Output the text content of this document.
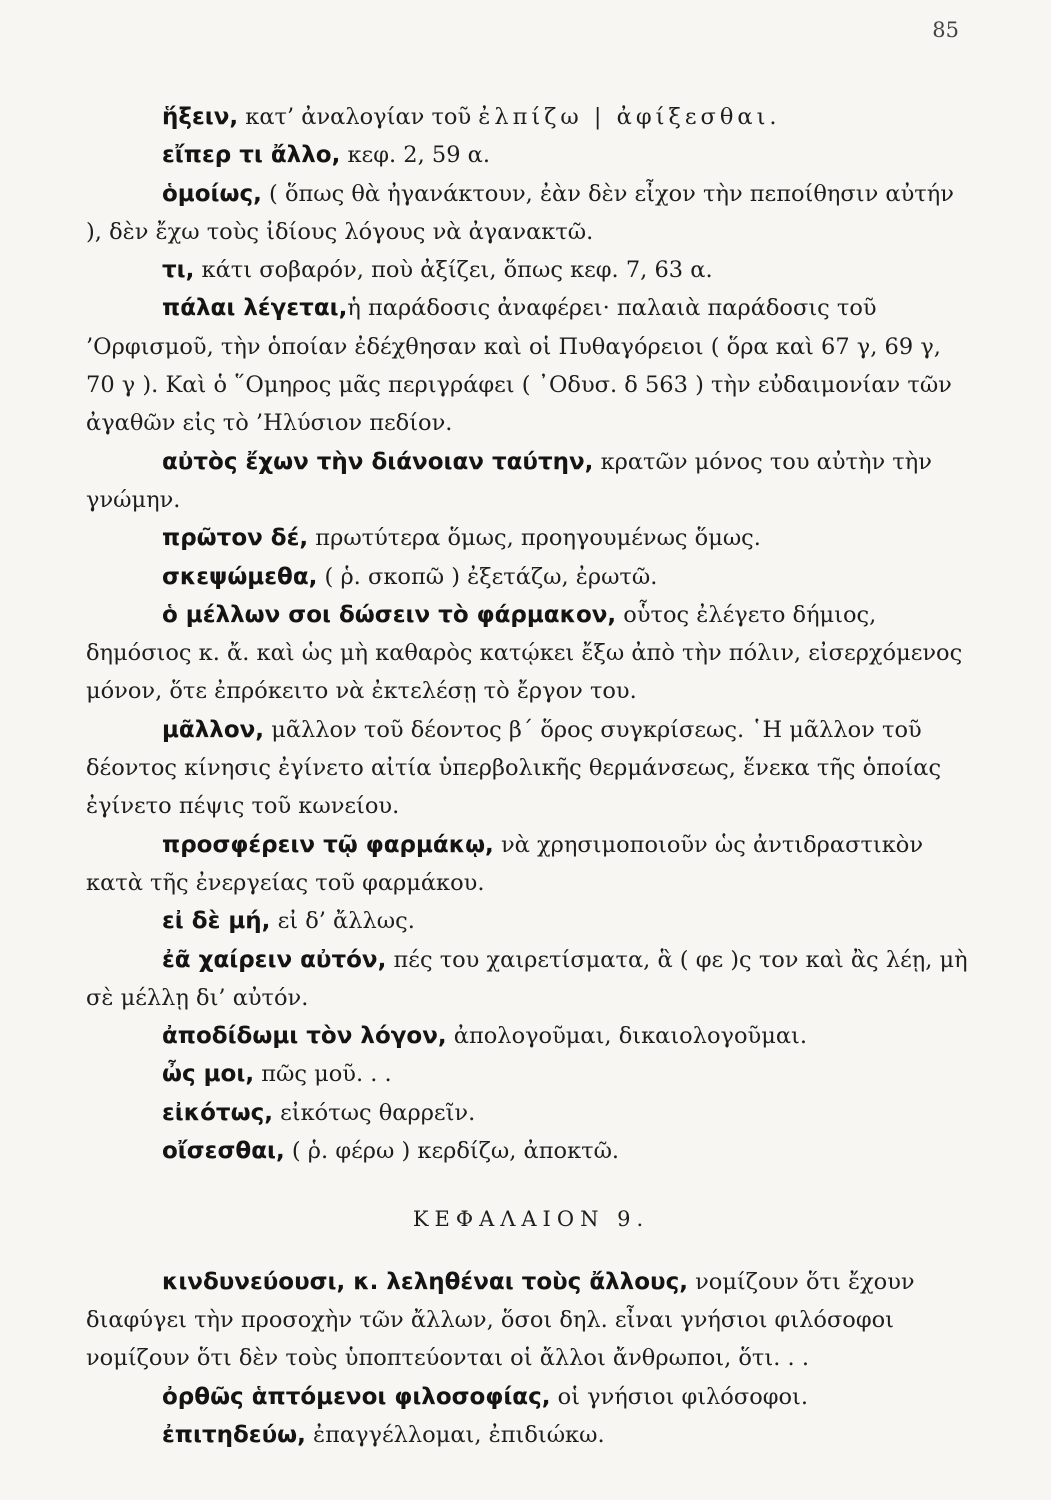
85

ἥξειν, κατ’ ἀναλογίαν τοῦ ἐλπίζω | ἀφίξεσθαι.

εἴπερ τι ἄλλο, κεφ. 2, 59 α.

ὁμοίως, ( ὅπως θὰ ἠγανάκτουν, ἐὰν δὲν εἶχον τὴν πεποίθησιν αὐτήν ), δὲν ἔχω τοὺς ἰδίους λόγους νὰ ἀγανακτῶ.

τι, κάτι σοβαρόν, ποὺ ἀξίζει, ὅπως κεφ. 7, 63 α.

πάλαι λέγεται,ἡ παράδοσις ἀναφέρει· παλαιὰ παράδοσις τοῦ ’Ορφισμοῦ, τὴν ὁποίαν ἐδέχθησαν καὶ οἱ Πυθαγόρειοι ( ὅρα καὶ 67 γ, 69 γ, 70 γ ). Καὶ ὁ ῞Ομηρος μᾶς περιγράφει ( ᾿Οδυσ. δ 563 ) τὴν εὐδαιμονίαν τῶν ἀγαθῶν εἰς τὸ ’Ηλύσιον πεδίον.

αὐτὸς ἔχων τὴν διάνοιαν ταύτην, κρατῶν μόνος του αὐτὴν τὴν γνώμην.

πρῶτον δέ, πρωτύτερα ὅμως, προηγουμένως ὅμως.

σκεψώμεθα, ( ῥ. σκοπῶ ) ἐξετάζω, ἐρωτῶ.

ὁ μέλλων σοι δώσειν τὸ φάρμακον, οὗτος ἐλέγετο δήμιος, δημόσιος κ. ἄ. καὶ ὡς μὴ καθαρὸς κατῴκει ἔξω ἀπὸ τὴν πόλιν, εἰσερχόμενος μόνον, ὅτε ἐπρόκειτο νὰ ἐκτελέσῃ τὸ ἔργον του.

μᾶλλον, μᾶλλον τοῦ δέοντος β΄ ὅρος συγκρίσεως. ῾Η μᾶλλον τοῦ δέοντος κίνησις ἐγίνετο αἰτία ὑπερβολικῆς θερμάνσεως, ἕνεκα τῆς ὁποίας ἐγίνετο πέψις τοῦ κωνείου.

προσφέρειν τῷ φαρμάκῳ, νὰ χρησιμοποιοῦν ὡς ἀντιδραστικὸν κατὰ τῆς ἐνεργείας τοῦ φαρμάκου.

εἰ δὲ μή, εἰ δ’ ἄλλως.

ἐᾶ χαίρειν αὐτόν, πές του χαιρετίσματα, ἃ ( φε )ς τον καὶ ἂς λέῃ, μὴ σὲ μέλλῃ δι’ αὐτόν.

ἀποδίδωμι τὸν λόγον, ἀπολογοῦμαι, δικαιολογοῦμαι.

ὦς μοι, πῶς μοῦ. . .

εἰκότως, εἰκότως θαρρεῖν.

οἴσεσθαι, ( ῥ. φέρω ) κερδίζω, ἀποκτῶ.

ΚΕΦΑΛΑΙΟΝ 9.

κινδυνεύουσι, κ. λεληθέναι τοὺς ἄλλους, νομίζουν ὅτι ἔχουν διαφύγει τὴν προσοχὴν τῶν ἄλλων, ὅσοι δηλ. εἶναι γνήσιοι φιλόσοφοι νομίζουν ὅτι δὲν τοὺς ὑποπτεύονται οἱ ἄλλοι ἄνθρωποι, ὅτι. . .

ὀρθῶς ἁπτόμενοι φιλοσοφίας, οἱ γνήσιοι φιλόσοφοι.

ἐπιτηδεύω, ἐπαγγέλλομαι, ἐπιδιώκω.
